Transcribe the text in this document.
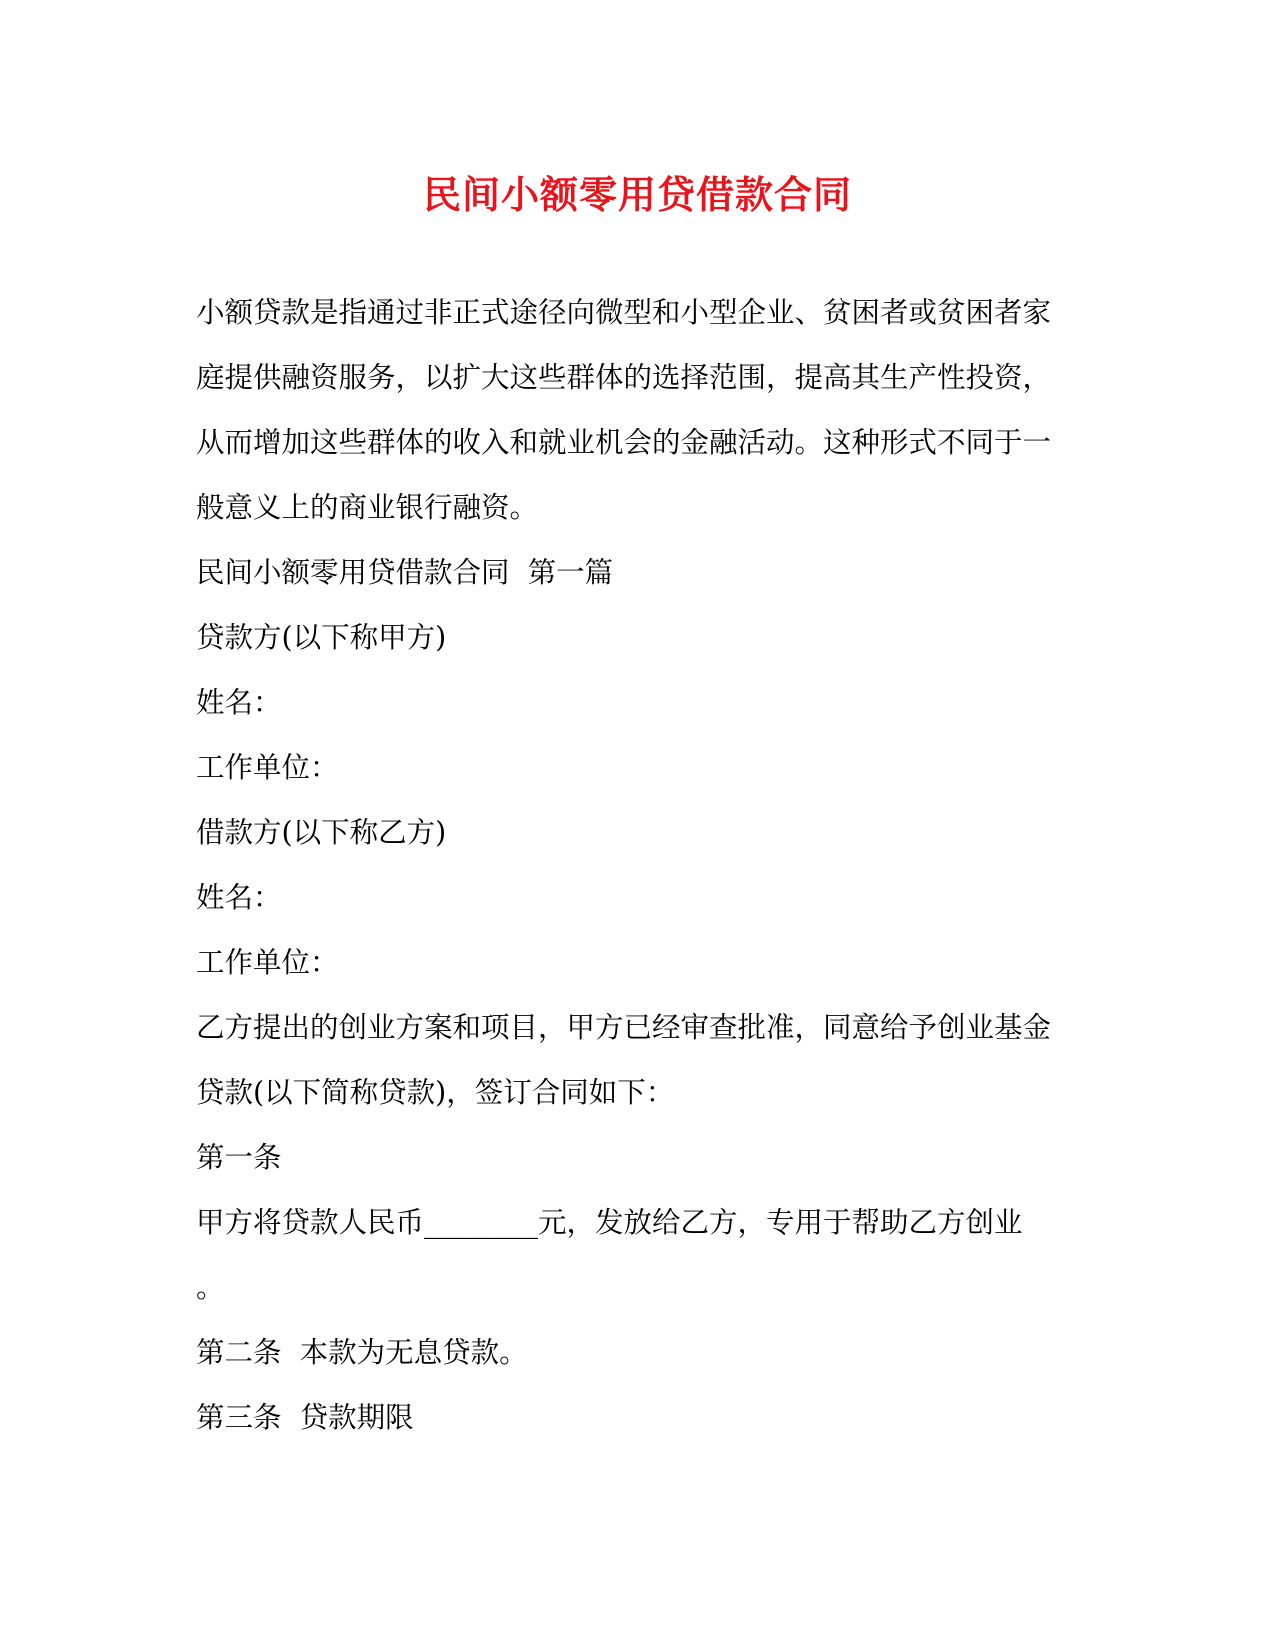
民间小额零用贷借款合同

小额贷款是指通过非正式途径向微型和小型企业、贫困者或贫困者家

庭提供融资服务，以扩大这些群体的选择范围，提高其生产性投资，

从而增加这些群体的收入和就业机会的金融活动。这种形式不同于一

般意义上的商业银行融资。

民间小额零用贷借款合同  第一篇

贷款方(以下称甲方)

姓名：

工作单位：

借款方(以下称乙方)

姓名：

工作单位：

乙方提出的创业方案和项目，甲方已经审查批准，同意给予创业基金

贷款(以下简称贷款)，签订合同如下：

第一条

甲方将贷款人民币________元，发放给乙方，专用于帮助乙方创业

。

第二条  本款为无息贷款。

第三条  贷款期限
